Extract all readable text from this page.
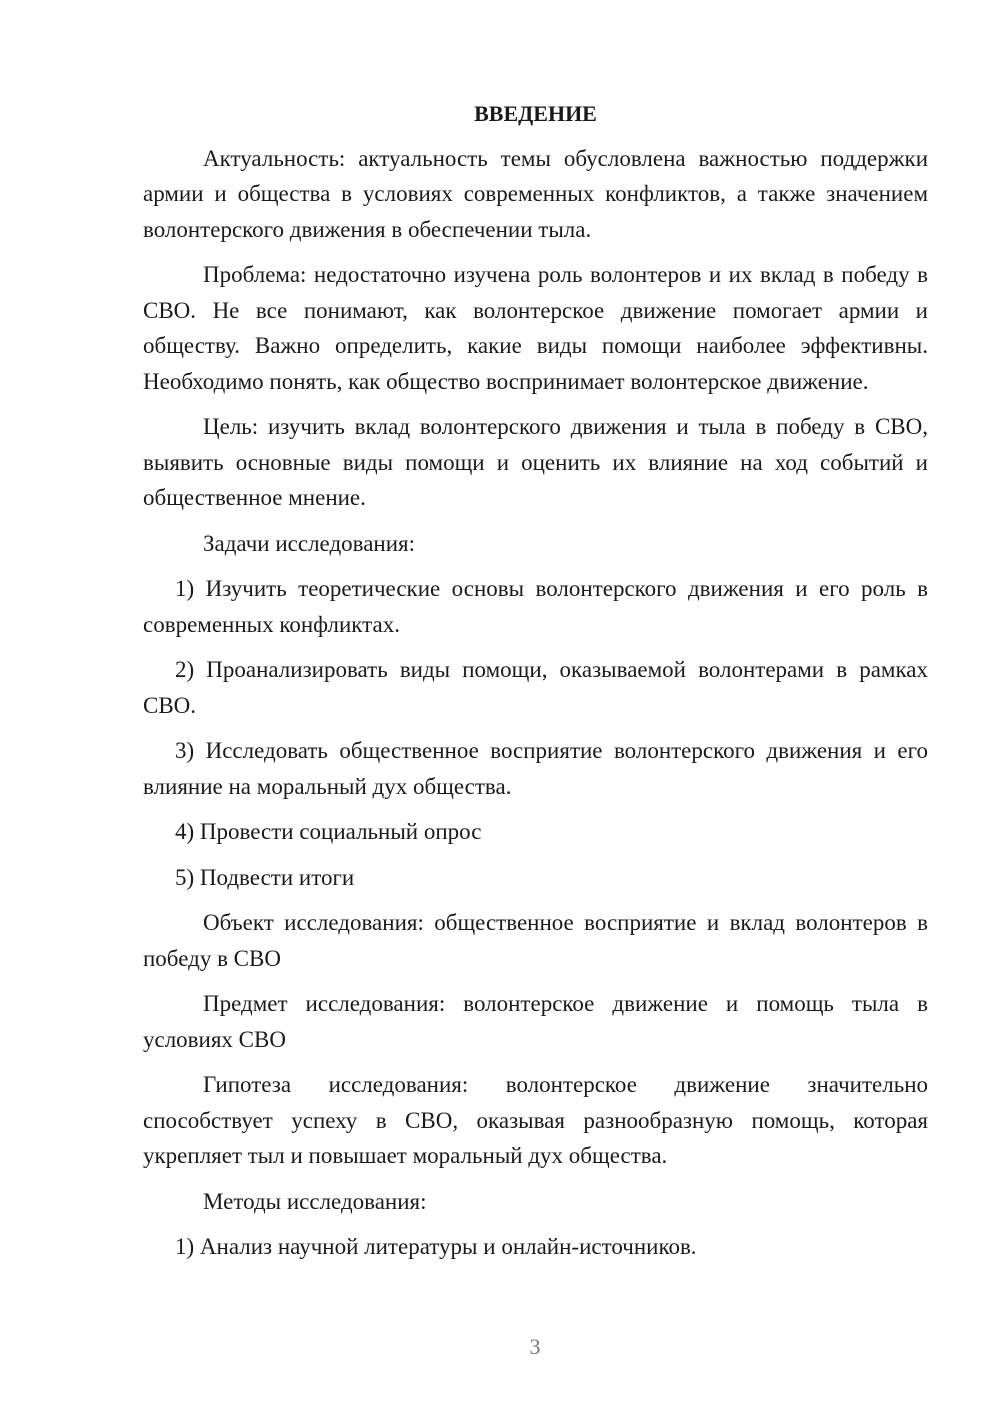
ВВЕДЕНИЕ

Актуальность: актуальность темы обусловлена важностью поддержки армии и общества в условиях современных конфликтов, а также значением волонтерского движения в обеспечении тыла.

Проблема: недостаточно изучена роль волонтеров и их вклад в победу в СВО. Не все понимают, как волонтерское движение помогает армии и обществу. Важно определить, какие виды помощи наиболее эффективны. Необходимо понять, как общество воспринимает волонтерское движение.

Цель: изучить вклад волонтерского движения и тыла в победу в СВО, выявить основные виды помощи и оценить их влияние на ход событий и общественное мнение.

Задачи исследования:

1) Изучить теоретические основы волонтерского движения и его роль в современных конфликтах.

2) Проанализировать виды помощи, оказываемой волонтерами в рамках СВО.

3) Исследовать общественное восприятие волонтерского движения и его влияние на моральный дух общества.

4) Провести социальный опрос

5) Подвести итоги

Объект исследования: общественное восприятие и вклад волонтеров в победу в СВО

Предмет исследования: волонтерское движение и помощь тыла в условиях СВО

Гипотеза исследования: волонтерское движение значительно способствует успеху в СВО, оказывая разнообразную помощь, которая укрепляет тыл и повышает моральный дух общества.

Методы исследования:

1) Анализ научной литературы и онлайн-источников.

3
